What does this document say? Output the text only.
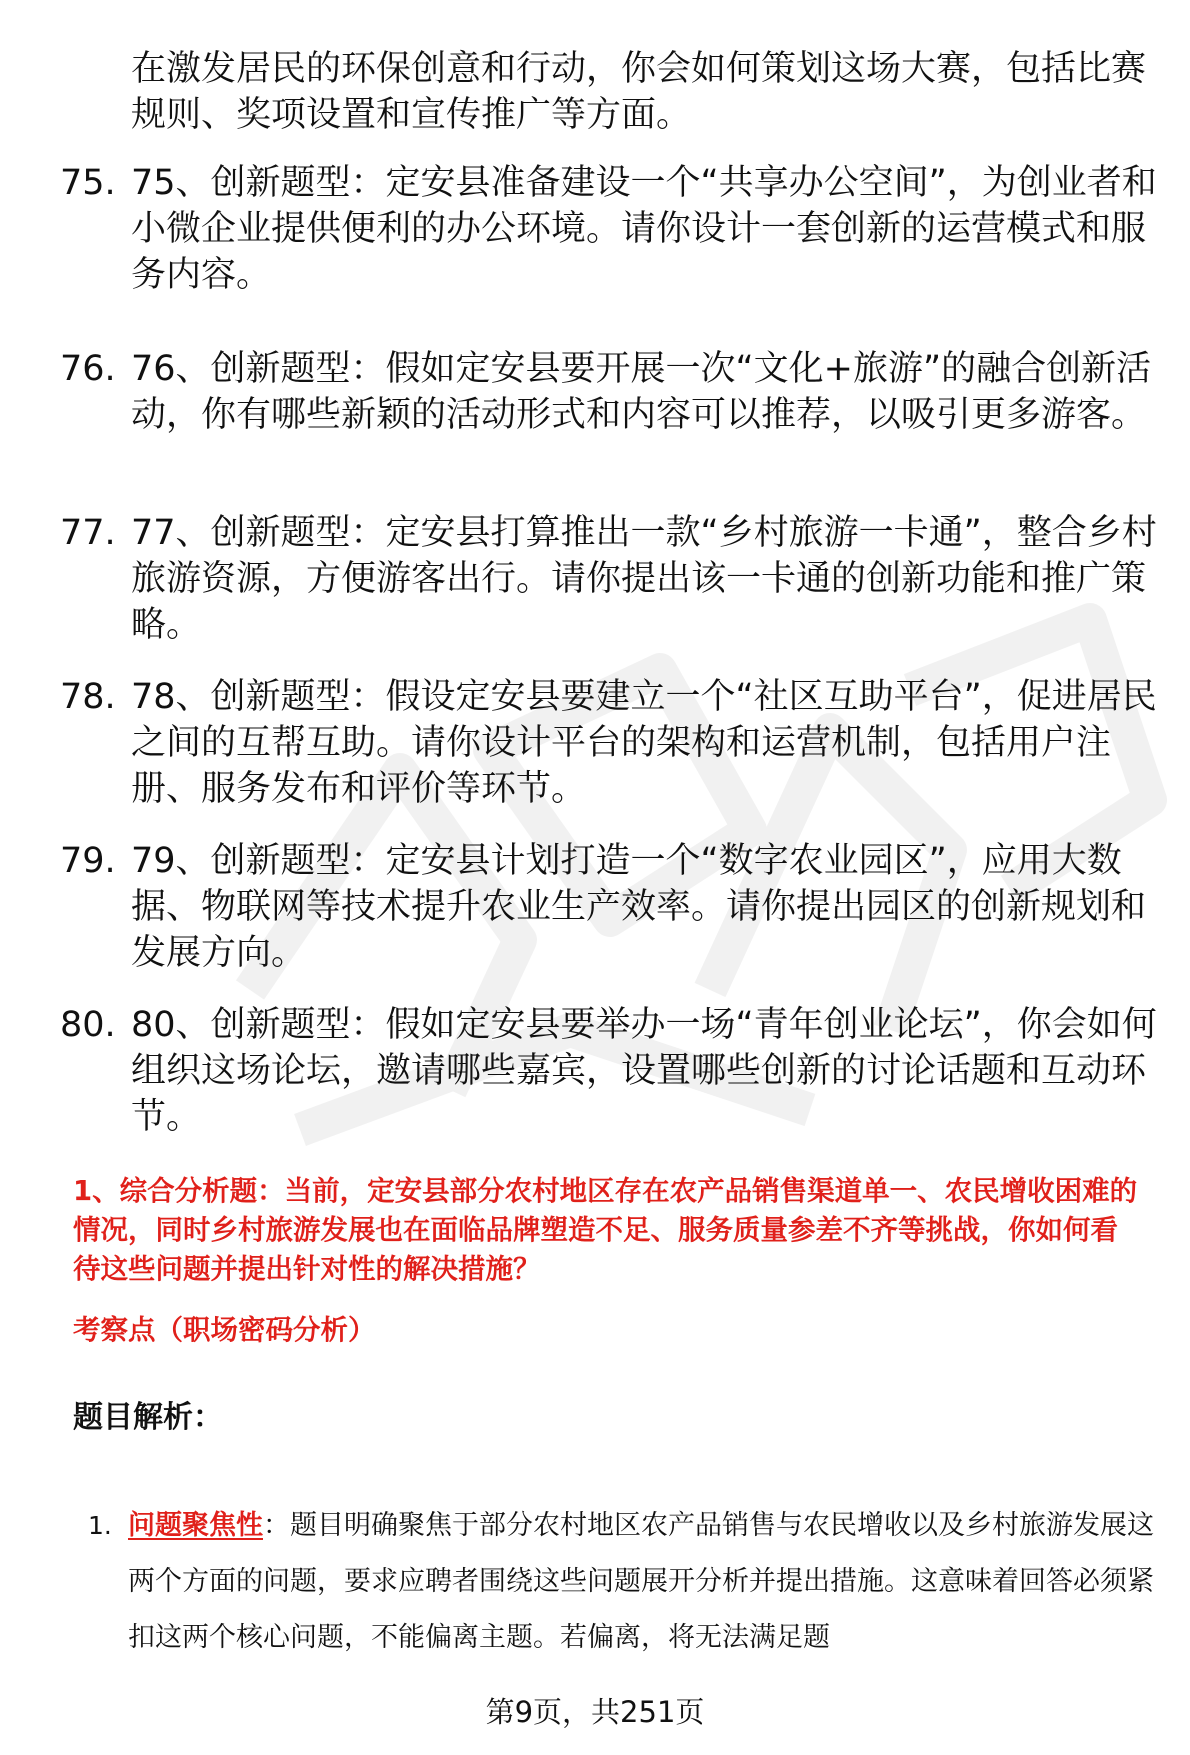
在激发居民的环保创意和行动，你会如何策划这场大赛，包括比赛规则、奖项设置和宣传推广等方面。

75. 75、创新题型：定安县准备建设一个“共享办公空间”，为创业者和小微企业提供便利的办公环境。请你设计一套创新的运营模式和服务内容。

76. 76、创新题型：假如定安县要开展一次“文化+旅游”的融合创新活动，你有哪些新颖的活动形式和内容可以推荐，以吸引更多游客。

77. 77、创新题型：定安县打算推出一款“乡村旅游一卡通”，整合乡村旅游资源，方便游客出行。请你提出该一卡通的创新功能和推广策略。

78. 78、创新题型：假设定安县要建立一个“社区互助平台”，促进居民之间的互帮互助。请你设计平台的架构和运营机制，包括用户注册、服务发布和评价等环节。

79. 79、创新题型：定安县计划打造一个“数字农业园区”，应用大数据、物联网等技术提升农业生产效率。请你提出园区的创新规划和发展方向。

80. 80、创新题型：假如定安县要举办一场“青年创业论坛”，你会如何组织这场论坛，邀请哪些嘉宾，设置哪些创新的讨论话题和互动环节。

1、综合分析题：当前，定安县部分农村地区存在农产品销售渠道单一、农民增收困难的情况，同时乡村旅游发展也在面临品牌塑造不足、服务质量参差不齐等挑战，你如何看待这些问题并提出针对性的解决措施？

考察点（职场密码分析）

题目解析：

1. 问题聚焦性：题目明确聚焦于部分农村地区农产品销售与农民增收以及乡村旅游发展这两个方面的问题，要求应聘者围绕这些问题展开分析并提出措施。这意味着回答必须紧扣这两个核心问题，不能偏离主题。若偏离，将无法满足题

第9页，共251页
